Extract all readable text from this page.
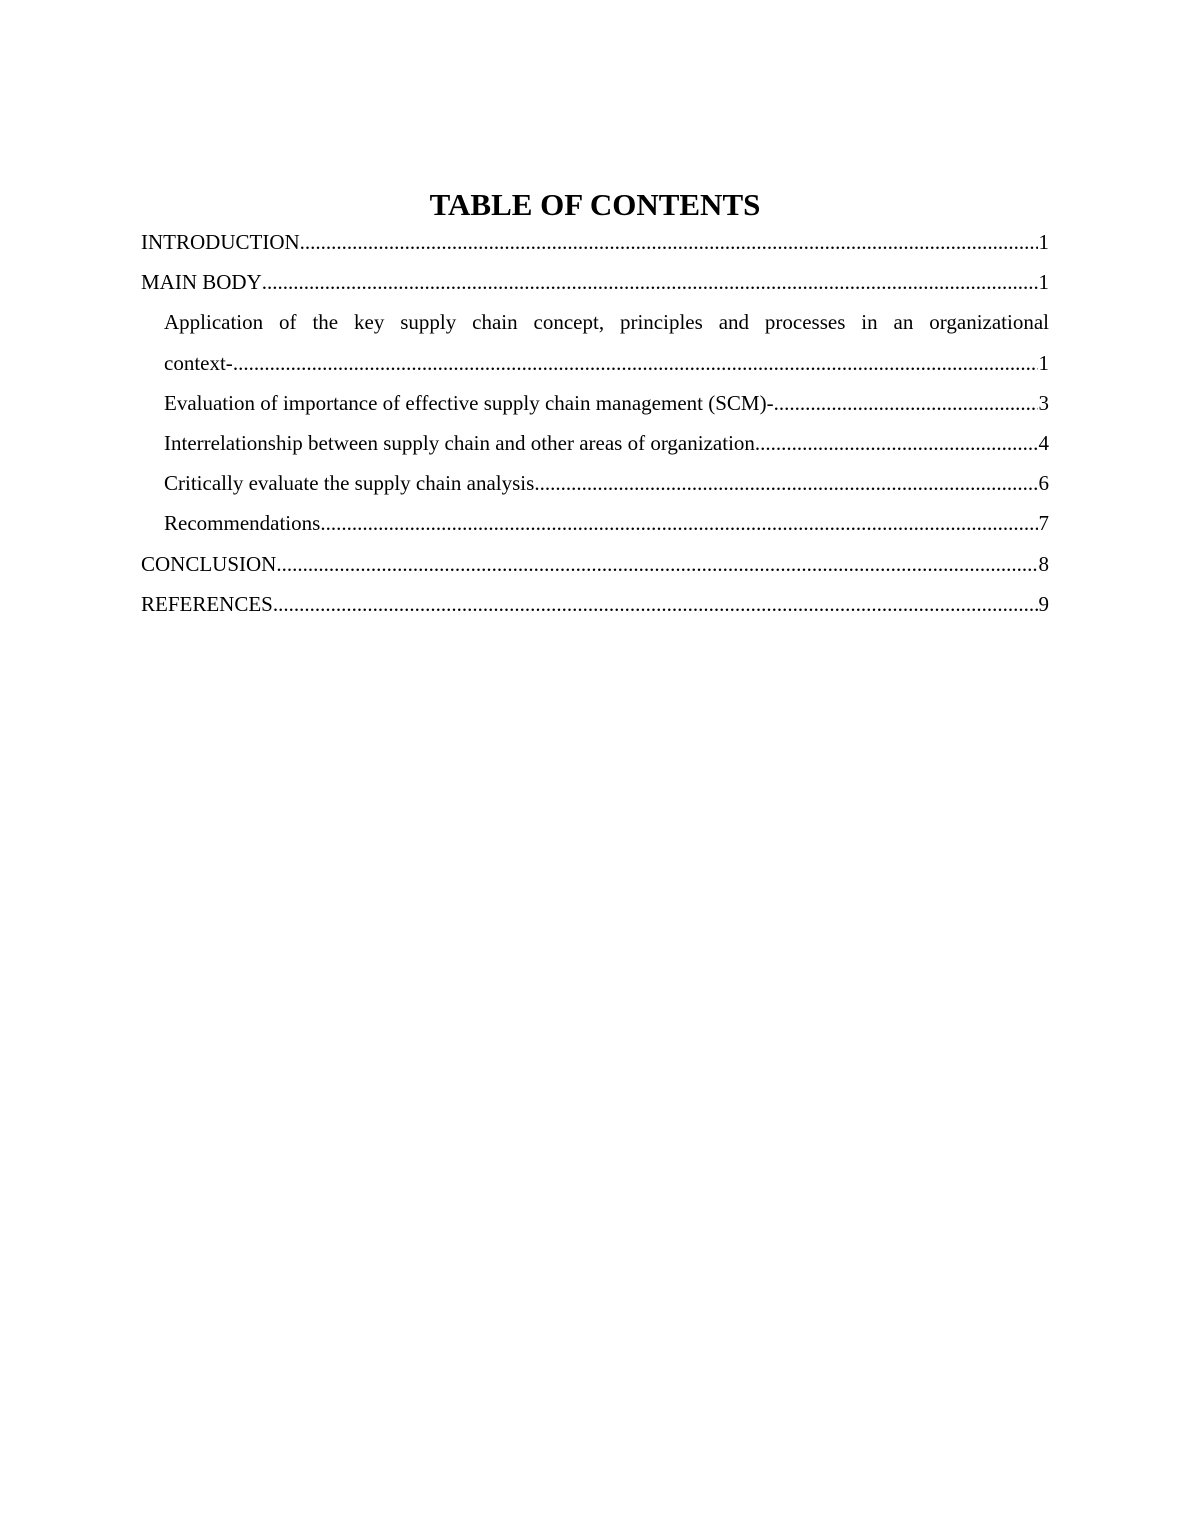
TABLE OF CONTENTS
INTRODUCTION .....	1
MAIN BODY .....	1
Application of the key supply chain concept, principles and processes in an organizational
context- .....	1
Evaluation of importance of effective supply chain management (SCM)- .....	3
Interrelationship between supply chain and other areas of organization .....	4
Critically evaluate the supply chain analysis .....	6
Recommendations .....	7
CONCLUSION .....	8
REFERENCES .....	9
